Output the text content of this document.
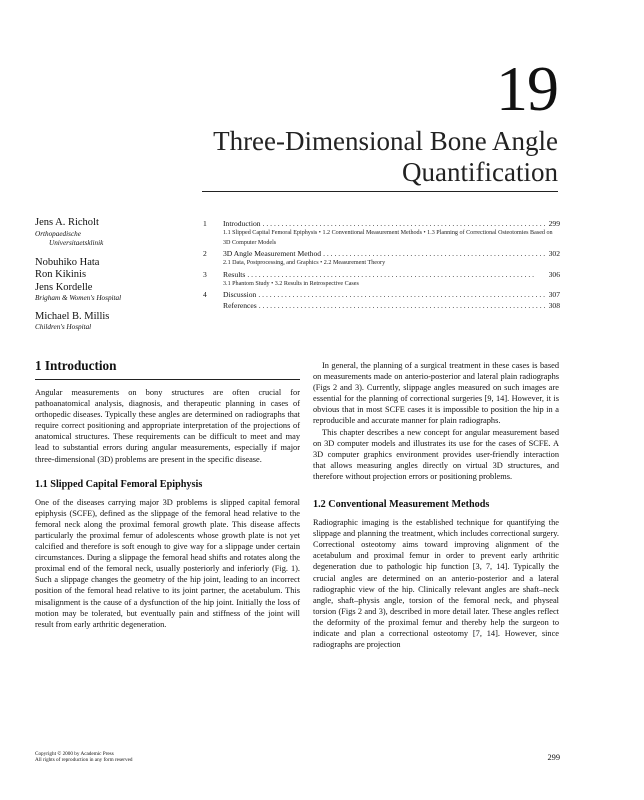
19
Three-Dimensional Bone Angle Quantification

Jens A. Richolt

Orthopaedische

Universitaetsklinik

Nobuhiko Hata

Ron Kikinis

Jens Kordelle

Brigham & Women's Hospital

Michael B. Millis

Children's Hospital

1	Introduction . . .	299
1.1 Slipped Capital Femoral Epiphysis • 1.2 Conventional Measurement Methods • 1.3 Planning of Correctional Osteotomies Based on 3D Computer Models
2	3D Angle Measurement Method . . .	302
2.1 Data, Postprocessing, and Graphics • 2.2 Measurement Theory
3	Results . . .	306
3.1 Phantom Study • 3.2 Results in Retrospective Cases
4	Discussion . . .	307
References . . .	308
1 Introduction

Angular measurements on bony structures are often crucial for pathoanatomical analysis, diagnosis, and therapeutic planning in cases of orthopedic diseases. Typically these angles are determined on radiographs that require correct positioning and appropriate interpretation of the projections of anatomical structures. These requirements can be difficult to meet and may lead to substantial errors during angular measurements, especially if major three-dimensional (3D) problems are present in the specific disease.

1.1 Slipped Capital Femoral Epiphysis

One of the diseases carrying major 3D problems is slipped capital femoral epiphysis (SCFE), defined as the slippage of the femoral head relative to the femoral neck along the proximal femoral growth plate. This disease affects particularly the proximal femur of adolescents whose growth plate is not yet calcified and therefore is soft enough to give way for a slippage under certain circumstances. During a slippage the femoral head shifts and rotates along the proximal end of the femoral neck, usually posteriorly and inferiorly (Fig. 1). Such a slippage changes the geometry of the hip joint, leading to an incorrect position of the femoral head relative to its joint partner, the acetabulum. This misalignment is the cause of a dysfunction of the hip joint. Initially the loss of motion may be tolerated, but eventually pain and stiffness of the joint will result from early arthritic degeneration.

In general, the planning of a surgical treatment in these cases is based on measurements made on anterio-posterior and lateral plain radiographs (Figs 2 and 3). Currently, slippage angles measured on such images are essential for the planning of correctional surgeries [9, 14]. However, it is obvious that in most SCFE cases it is impossible to position the hip in a reproducible and accurate manner for plain radiographs.

This chapter describes a new concept for angular measurement based on 3D computer models and illustrates its use for the cases of SCFE. A 3D computer graphics environment provides user-friendly interaction that allows measuring angles directly on virtual 3D structures, and therefore without projection errors or positioning problems.

1.2 Conventional Measurement Methods

Radiographic imaging is the established technique for quantifying the slippage and planning the treatment, which includes correctional surgery. Correctional osteotomy aims toward improving alignment of the acetabulum and proximal femur in order to prevent early arthritic degeneration due to pathologic hip function [3, 7, 14]. Typically the crucial angles are determined on an anterio-posterior and a lateral radiographic view of the hip. Clinically relevant angles are shaft–neck angle, shaft–physis angle, torsion of the femoral neck, and physeal torsion (Figs 2 and 3), described in more detail later. These angles reflect the deformity of the proximal femur and thereby help the surgeon to indicate and plan a correctional osteotomy [7, 14]. However, since radiographs are projection

Copyright © 2000 by Academic Press
All rights of reproduction in any form reserved	299
